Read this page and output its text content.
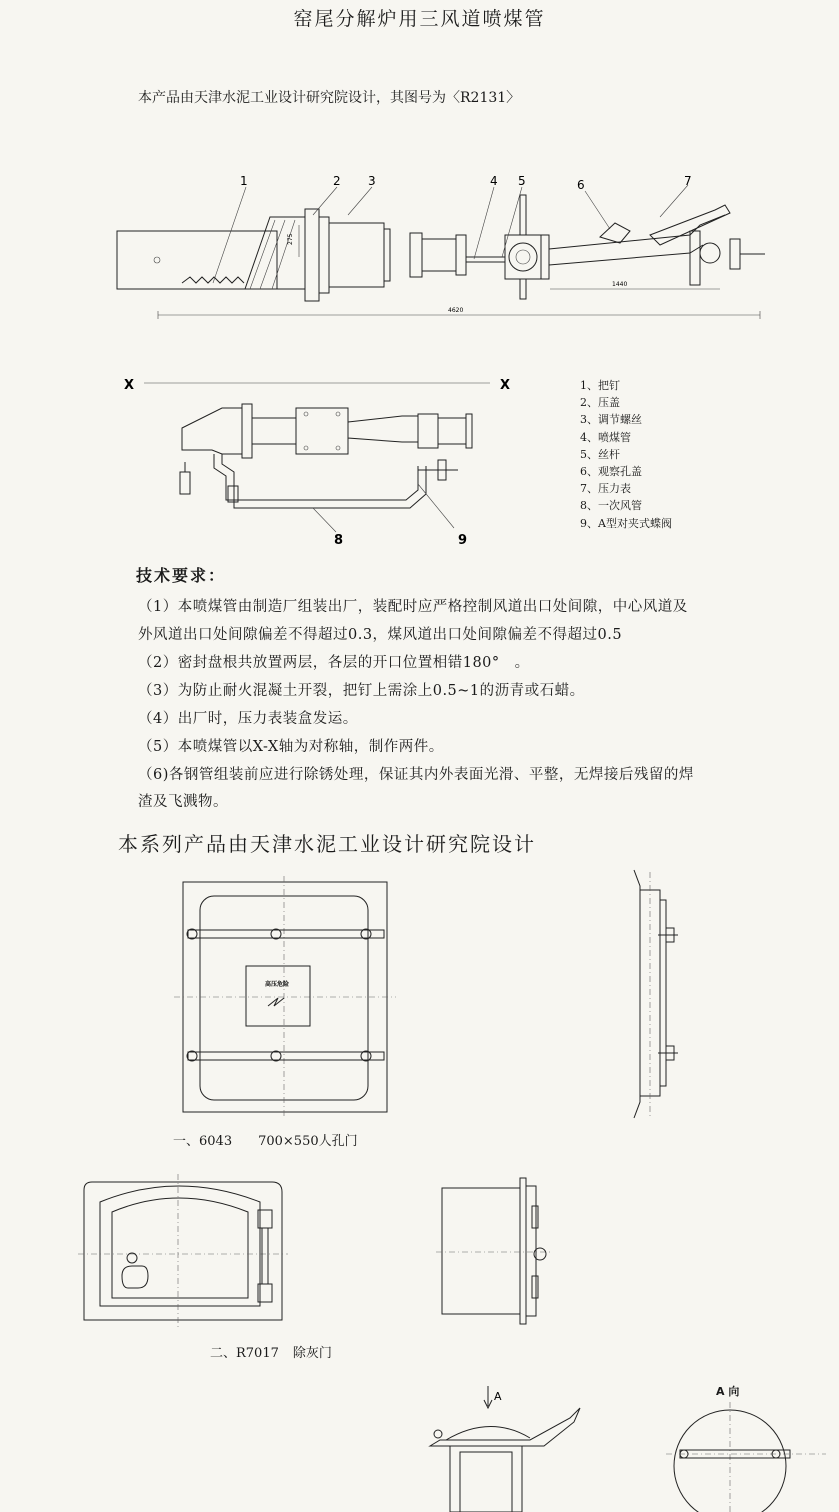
窑尾分解炉用三风道喷煤管
本产品由天津水泥工业设计研究院设计，其图号为〈R2131〉
1	2 3	4 5	6	7
4620
1440
275
X	X
8	9
1、把钉
2、压盖
3、调节螺丝
4、喷煤管
5、丝杆
6、观察孔盖
7、压力表
8、一次风管
9、A型对夹式蝶阀
技术要求：
（1）本喷煤管由制造厂组装出厂，装配时应严格控制风道出口处间隙，中心风道及
外风道出口处间隙偏差不得超过0.3，煤风道出口处间隙偏差不得超过0.5
（2）密封盘根共放置两层，各层的开口位置相错180°　。
（3）为防止耐火混凝土开裂，把钉上需涂上0.5~1的沥青或石蜡。
（4）出厂时，压力表装盒发运。
（5）本喷煤管以X-X轴为对称轴，制作两件。
（6)各钢管组装前应进行除锈处理，保证其内外表面光滑、平整，无焊接后残留的焊
渣及飞溅物。
本系列产品由天津水泥工业设计研究院设计
高压危险
一、6043 700×550人孔门
二、R7017 除灰门
A	A 向
